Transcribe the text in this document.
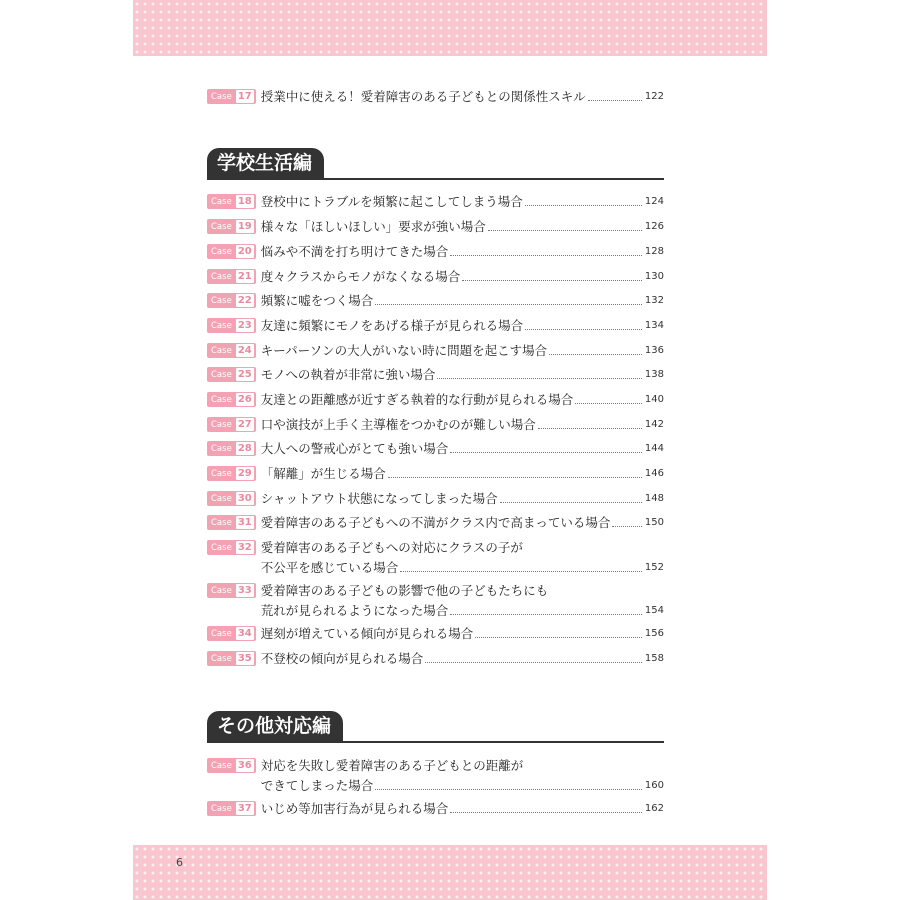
Case 17 授業中に使える！愛着障害のある子どもとの関係性スキル	122
学校生活編
Case 18 登校中にトラブルを頻繁に起こしてしまう場合	124
Case 19 様々な「ほしいほしい」要求が強い場合	126
Case 20 悩みや不満を打ち明けてきた場合	128
Case 21 度々クラスからモノがなくなる場合	130
Case 22 頻繁に嘘をつく場合	132
Case 23 友達に頻繁にモノをあげる様子が見られる場合	134
Case 24 キーパーソンの大人がいない時に問題を起こす場合	136
Case 25 モノへの執着が非常に強い場合	138
Case 26 友達との距離感が近すぎる執着的な行動が見られる場合	140
Case 27 口や演技が上手く主導権をつかむのが難しい場合	142
Case 28 大人への警戒心がとても強い場合	144
Case 29 「解離」が生じる場合	146
Case 30 シャットアウト状態になってしまった場合	148
Case 31 愛着障害のある子どもへの不満がクラス内で高まっている場合	150
Case 32 愛着障害のある子どもへの対応にクラスの子が
不公平を感じている場合	152
Case 33 愛着障害のある子どもの影響で他の子どもたちにも
荒れが見られるようになった場合	154
Case 34 遅刻が増えている傾向が見られる場合	156
Case 35 不登校の傾向が見られる場合	158
その他対応編
Case 36 対応を失敗し愛着障害のある子どもとの距離が
できてしまった場合	160
Case 37 いじめ等加害行為が見られる場合	162
6
